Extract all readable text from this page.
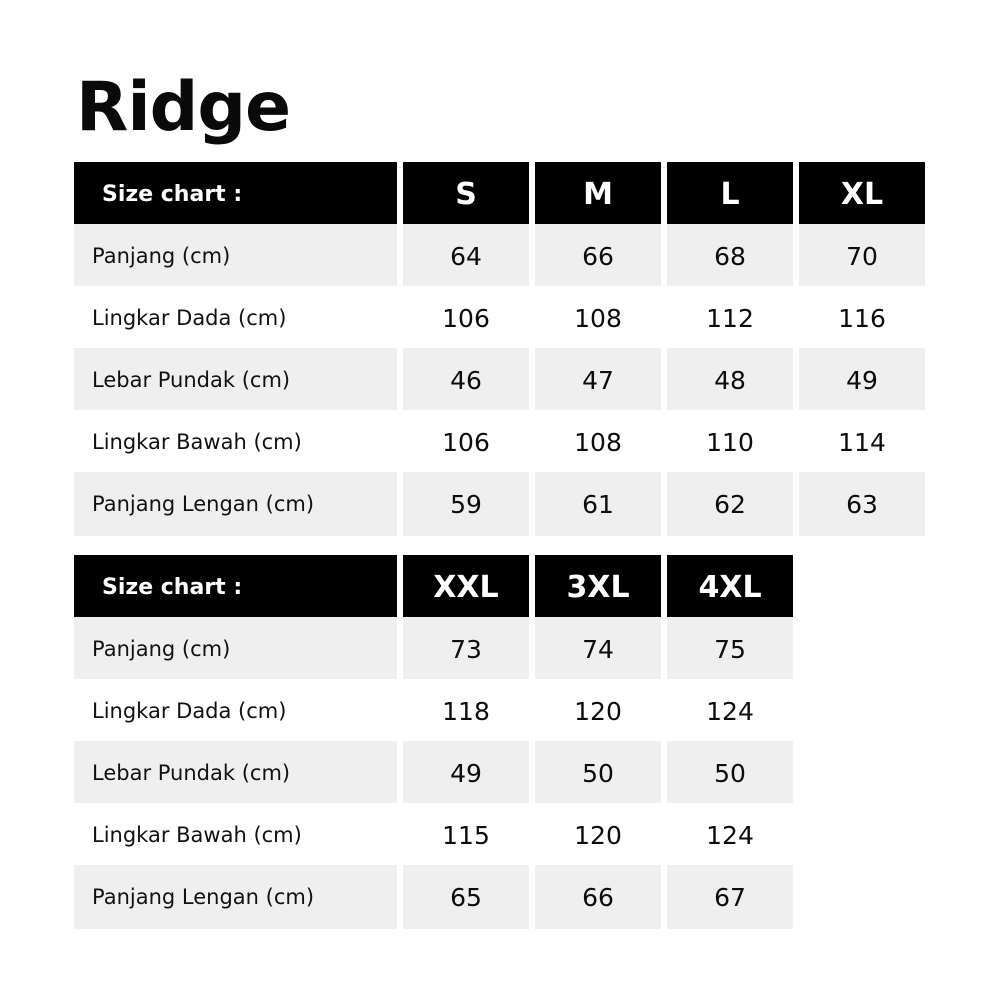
Ridge
Size chart :	S	M	L	XL
Panjang (cm)	64	66	68	70
Lingkar Dada (cm)	106	108	112	116
Lebar Pundak (cm)	46	47	48	49
Lingkar Bawah (cm)	106	108	110	114
Panjang Lengan (cm)	59	61	62	63
Size chart :	XXL	3XL	4XL
Panjang (cm)	73	74	75
Lingkar Dada (cm)	118	120	124
Lebar Pundak (cm)	49	50	50
Lingkar Bawah (cm)	115	120	124
Panjang Lengan (cm)	65	66	67
